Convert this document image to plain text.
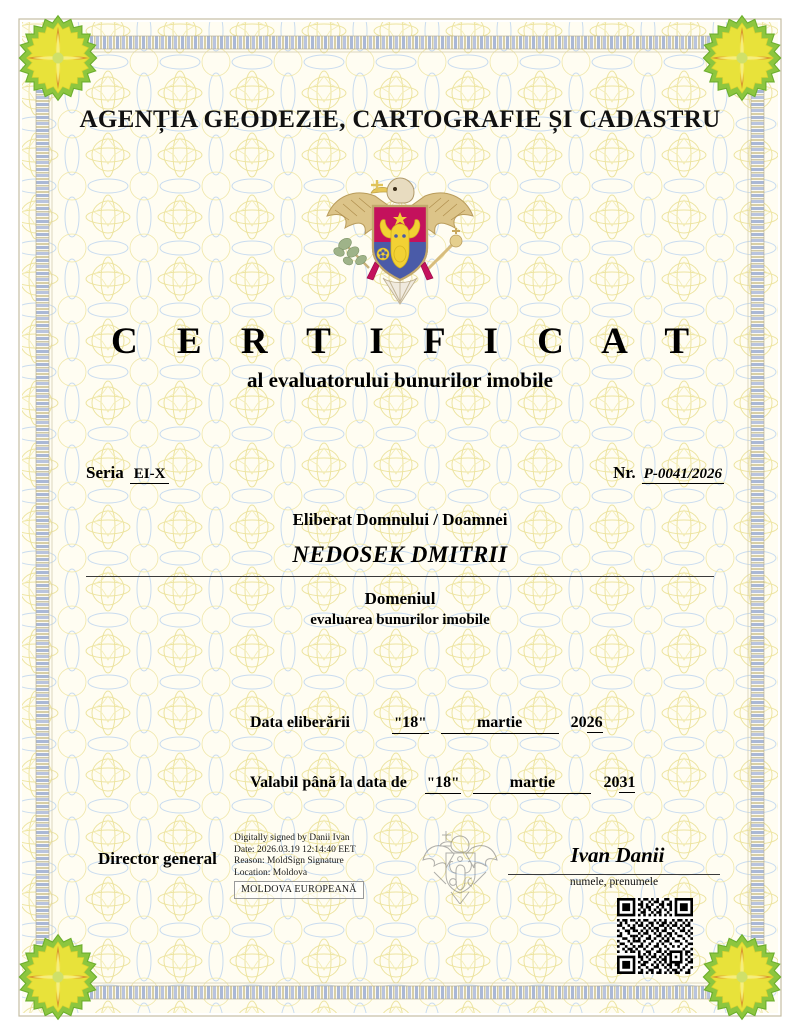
AGENȚIA GEODEZIE, CARTOGRAFIE ȘI CADASTRU
C E R T I F I C A T
al evaluatorului bunurilor imobile
Seria EI-X	Nr. P-0041/2026
Eliberat Domnului / Doamnei
NEDOSEK DMITRII
Domeniul
evaluarea bunurilor imobile
Data eliberării	"18"	martie	2026
Valabil până la data de "18"	martie	2031
Director general
Digitally signed by Danii Ivan
Date: 2026.03.19 12:14:40 EET
Reason: MoldSign Signature
Location: Moldova
MOLDOVA EUROPEANĂ
Ivan Danii
numele, prenumele
